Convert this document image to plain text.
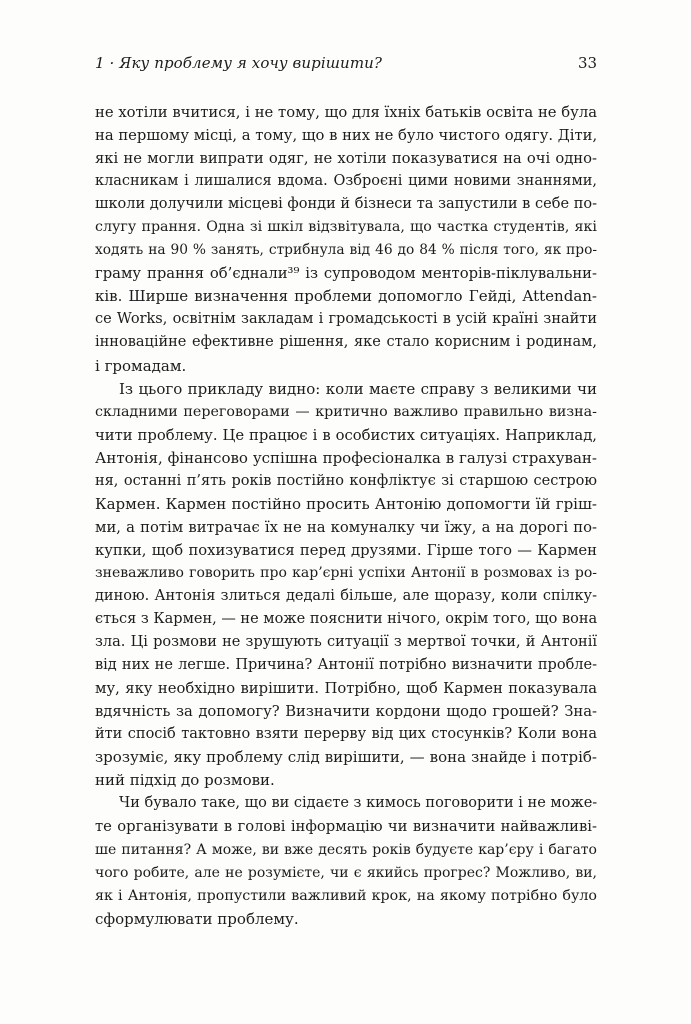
1 · Яку проблему я хочу вирішити?	33
не хотіли вчитися, і не тому, що для їхніх батьків освіта не була
на першому місці, а тому, що в них не було чистого одягу. Діти,
які не могли випрати одяг, не хотіли показуватися на очі одно-
класникам і лишалися вдома. Озброєні цими новими знаннями,
школи долучили місцеві фонди й бізнеси та запустили в себе по-
слугу прання. Одна зі шкіл відзвітувала, що частка студентів, які
ходять на 90 % занять, стрибнула від 46 до 84 % після того, як про-
граму прання об’єднали³⁹ із супроводом менторів-піклувальни-
ків. Ширше визначення проблеми допомогло Гейді, Attendan-
ce Works, освітнім закладам і громадськості в усій країні знайти
інноваційне ефективне рішення, яке стало корисним і родинам,
і громадам.
Із цього прикладу видно: коли маєте справу з великими чи
складними переговорами — критично важливо правильно визна-
чити проблему. Це працює і в особистих ситуаціях. Наприклад,
Антонія, фінансово успішна професіоналка в галузі страхуван-
ня, останні п’ять років постійно конфліктує зі старшою сестрою
Кармен. Кармен постійно просить Антонію допомогти їй гріш-
ми, а потім витрачає їх не на комуналку чи їжу, а на дорогі по-
купки, щоб похизуватися перед друзями. Гірше того — Кармен
зневажливо говорить про кар’єрні успіхи Антонії в розмовах із ро-
диною. Антонія злиться дедалі більше, але щоразу, коли спілку-
ється з Кармен, — не може пояснити нічого, окрім того, що вона
зла. Ці розмови не зрушують ситуації з мертвої точки, й Антонії
від них не легше. Причина? Антонії потрібно визначити пробле-
му, яку необхідно вирішити. Потрібно, щоб Кармен показувала
вдячність за допомогу? Визначити кордони щодо грошей? Зна-
йти спосіб тактовно взяти перерву від цих стосунків? Коли вона
зрозуміє, яку проблему слід вирішити, — вона знайде і потріб-
ний підхід до розмови.
Чи бувало таке, що ви сідаєте з кимось поговорити і не може-
те організувати в голові інформацію чи визначити найважливі-
ше питання? А може, ви вже десять років будуєте кар’єру і багато
чого робите, але не розумієте, чи є якийсь прогрес? Можливо, ви,
як і Антонія, пропустили важливий крок, на якому потрібно було
сформулювати проблему.
